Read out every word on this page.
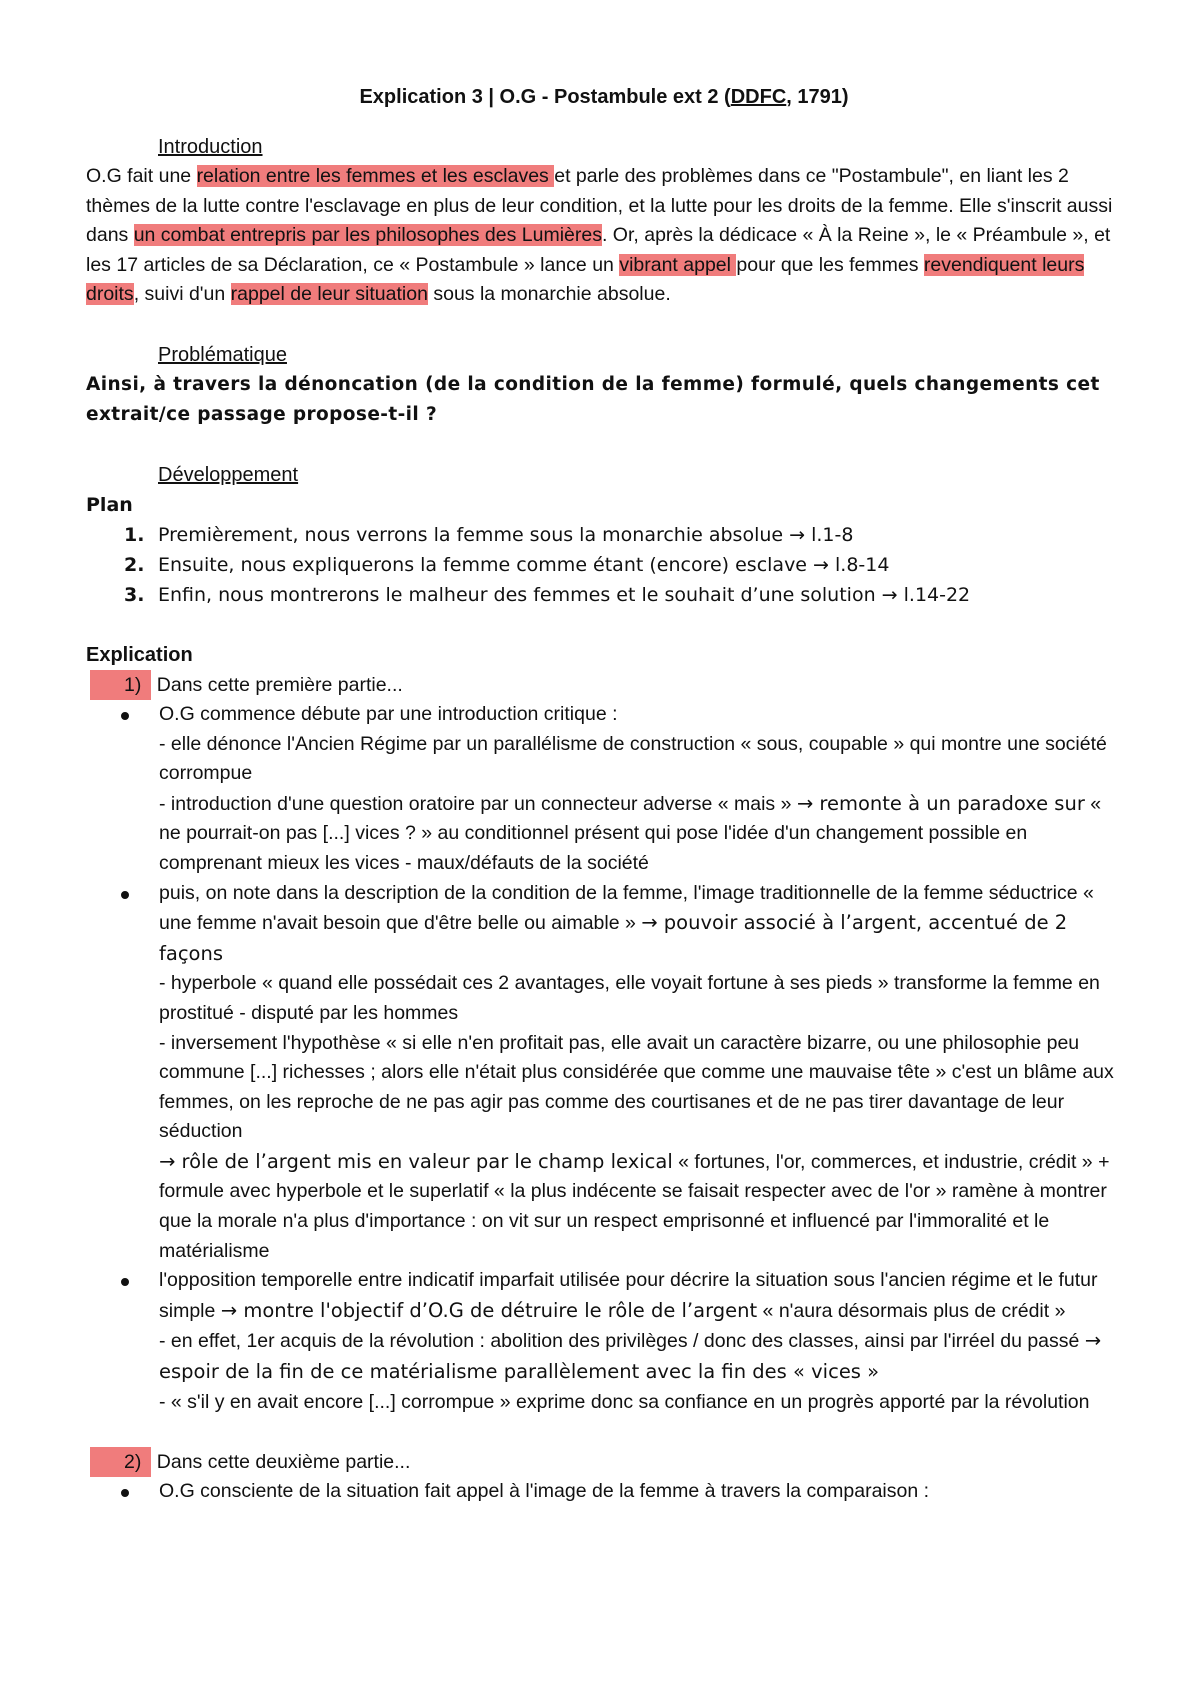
Explication 3 | O.G - Postambule ext 2 (DDFC, 1791)
Introduction
O.G fait une relation entre les femmes et les esclaves et parle des problèmes dans ce "Postambule", en liant les 2 thèmes de la lutte contre l'esclavage en plus de leur condition, et la lutte pour les droits de la femme. Elle s'inscrit aussi dans un combat entrepris par les philosophes des Lumières. Or, après la dédicace « À la Reine », le « Préambule », et les 17 articles de sa Déclaration, ce « Postambule » lance un vibrant appel pour que les femmes revendiquent leurs droits, suivi d'un rappel de leur situation sous la monarchie absolue.
Problématique
Ainsi, à travers la dénoncation (de la condition de la femme) formulé, quels changements cet extrait/ce passage propose-t-il ?
Développement
Plan
1. Premièrement, nous verrons la femme sous la monarchie absolue → l.1-8
2. Ensuite, nous expliquerons la femme comme étant (encore) esclave → l.8-14
3. Enfin, nous montrerons le malheur des femmes et le souhait d’une solution → l.14-22
Explication
1) Dans cette première partie...
O.G commence débute par une introduction critique :
- elle dénonce l'Ancien Régime par un parallélisme de construction « sous, coupable » qui montre une société corrompue
- introduction d'une question oratoire par un connecteur adverse « mais » → remonte à un paradoxe sur « ne pourrait-on pas [...] vices ? » au conditionnel présent qui pose l'idée d'un changement possible en comprenant mieux les vices - maux/défauts de la société
puis, on note dans la description de la condition de la femme, l'image traditionnelle de la femme séductrice « une femme n'avait besoin que d'être belle ou aimable » → pouvoir associé à l’argent, accentué de 2 façons
- hyperbole « quand elle possédait ces 2 avantages, elle voyait fortune à ses pieds » transforme la femme en prostitué - disputé par les hommes
- inversement l'hypothèse « si elle n'en profitait pas, elle avait un caractère bizarre, ou une philosophie peu commune [...] richesses ; alors elle n'était plus considérée que comme une mauvaise tête » c'est un blâme aux femmes, on les reproche de ne pas agir pas comme des courtisanes et de ne pas tirer davantage de leur séduction
→ rôle de l’argent mis en valeur par le champ lexical « fortunes, l'or, commerces, et industrie, crédit » + formule avec hyperbole et le superlatif « la plus indécente se faisait respecter avec de l'or » ramène à montrer que la morale n'a plus d'importance : on vit sur un respect emprisonné et influencé par l'immoralité et le matérialisme
l'opposition temporelle entre indicatif imparfait utilisée pour décrire la situation sous l'ancien régime et le futur simple → montre l'objectif d’O.G de détruire le rôle de l’argent « n'aura désormais plus de crédit »
- en effet, 1er acquis de la révolution : abolition des privilèges / donc des classes, ainsi par l'irréel du passé → espoir de la fin de ce matérialisme parallèlement avec la fin des « vices »
- « s'il y en avait encore [...] corrompue » exprime donc sa confiance en un progrès apporté par la révolution
2) Dans cette deuxième partie...
O.G consciente de la situation fait appel à l'image de la femme à travers la comparaison :
